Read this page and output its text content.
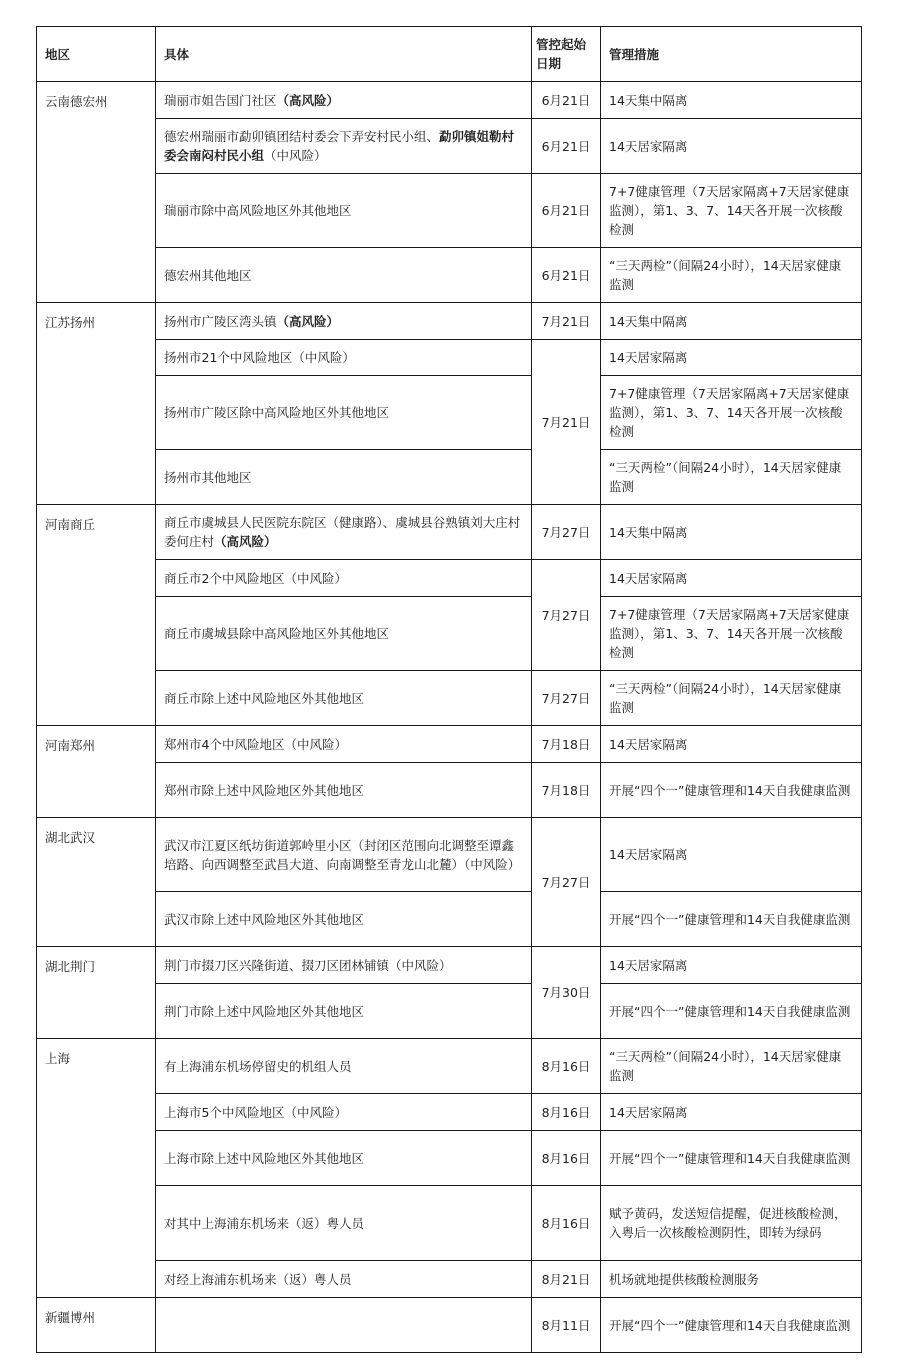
地区	具体	管控起始日期	管理措施
云南德宏州	瑞丽市姐告国门社区（高风险）	6月21日	14天集中隔离
	德宏州瑞丽市勐卯镇团结村委会下弄安村民小组、勐卯镇姐勒村委会南闷村民小组（中风险）	6月21日	14天居家隔离
	瑞丽市除中高风险地区外其他地区	6月21日	7+7健康管理（7天居家隔离+7天居家健康监测），第1、3、7、14天各开展一次核酸检测
	德宏州其他地区	6月21日	“三天两检”（间隔24小时），14天居家健康监测
江苏扬州	扬州市广陵区湾头镇（高风险）	7月21日	14天集中隔离
	扬州市21个中风险地区（中风险）	7月21日	14天居家隔离
	扬州市广陵区除中高风险地区外其他地区		7+7健康管理（7天居家隔离+7天居家健康监测），第1、3、7、14天各开展一次核酸检测
	扬州市其他地区		“三天两检”（间隔24小时），14天居家健康监测
河南商丘	商丘市虞城县人民医院东院区（健康路）、虞城县谷熟镇刘大庄村委何庄村（高风险）	7月27日	14天集中隔离
	商丘市2个中风险地区（中风险）	7月27日	14天居家隔离
	商丘市虞城县除中高风险地区外其他地区		7+7健康管理（7天居家隔离+7天居家健康监测），第1、3、7、14天各开展一次核酸检测
	商丘市除上述中风险地区外其他地区	7月27日	“三天两检”（间隔24小时），14天居家健康监测
河南郑州	郑州市4个中风险地区（中风险）	7月18日	14天居家隔离
	郑州市除上述中风险地区外其他地区	7月18日	开展“四个一”健康管理和14天自我健康监测
湖北武汉	武汉市江夏区纸坊街道郭岭里小区（封闭区范围向北调整至谭鑫培路、向西调整至武昌大道、向南调整至青龙山北麓）（中风险）	7月27日	14天居家隔离
	武汉市除上述中风险地区外其他地区		开展“四个一”健康管理和14天自我健康监测
湖北荆门	荆门市掇刀区兴隆街道、掇刀区团林铺镇（中风险）	7月30日	14天居家隔离
	荆门市除上述中风险地区外其他地区		开展“四个一”健康管理和14天自我健康监测
上海	有上海浦东机场停留史的机组人员	8月16日	“三天两检”（间隔24小时），14天居家健康监测
	上海市5个中风险地区（中风险）	8月16日	14天居家隔离
	上海市除上述中风险地区外其他地区	8月16日	开展“四个一”健康管理和14天自我健康监测
	对其中上海浦东机场来（返）粤人员	8月16日	赋予黄码，发送短信提醒，促进核酸检测，入粤后一次核酸检测阴性，即转为绿码
	对经上海浦东机场来（返）粤人员	8月21日	机场就地提供核酸检测服务
新疆博州		8月11日	开展“四个一”健康管理和14天自我健康监测
